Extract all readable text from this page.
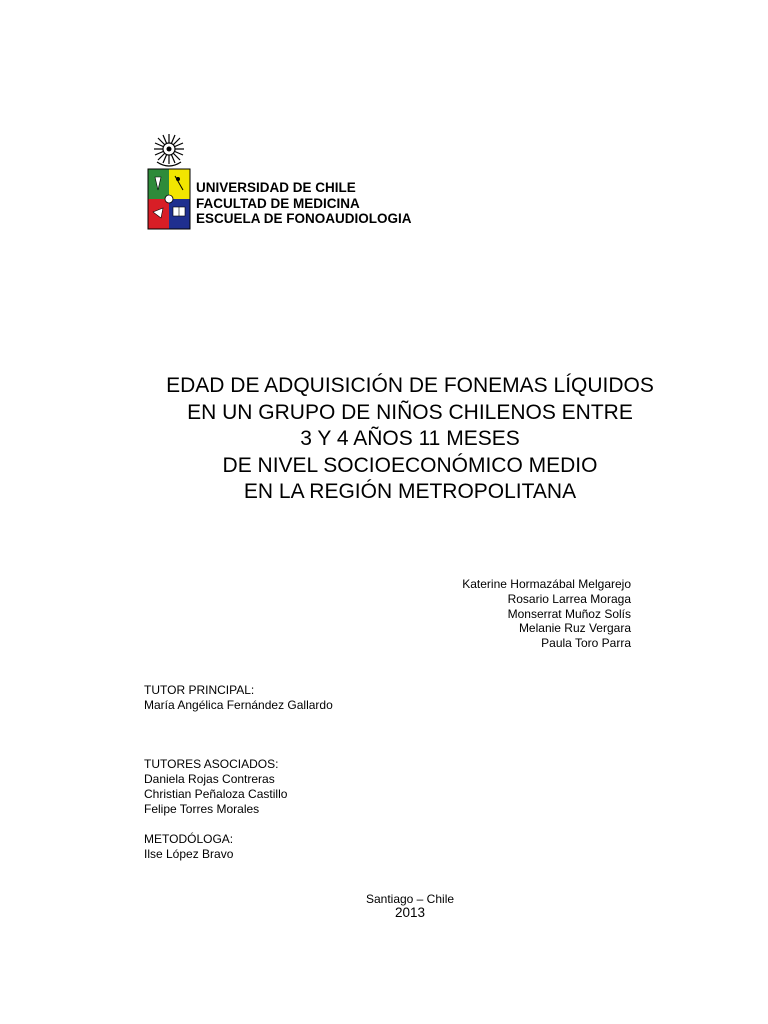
UNIVERSIDAD DE CHILE
FACULTAD DE MEDICINA
ESCUELA DE FONOAUDIOLOGIA
EDAD DE ADQUISICIÓN DE FONEMAS LÍQUIDOS
EN UN GRUPO DE NIÑOS CHILENOS ENTRE
3 Y 4 AÑOS 11 MESES
DE NIVEL SOCIOECONÓMICO MEDIO
EN LA REGIÓN METROPOLITANA
Katerine Hormazábal Melgarejo
Rosario Larrea Moraga
Monserrat Muñoz Solís
Melanie Ruz Vergara
Paula Toro Parra
TUTOR PRINCIPAL:
María Angélica Fernández Gallardo
TUTORES ASOCIADOS:
Daniela Rojas Contreras
Christian Peñaloza Castillo
Felipe Torres Morales
METODÓLOGA:
Ilse López Bravo
Santiago – Chile
2013
